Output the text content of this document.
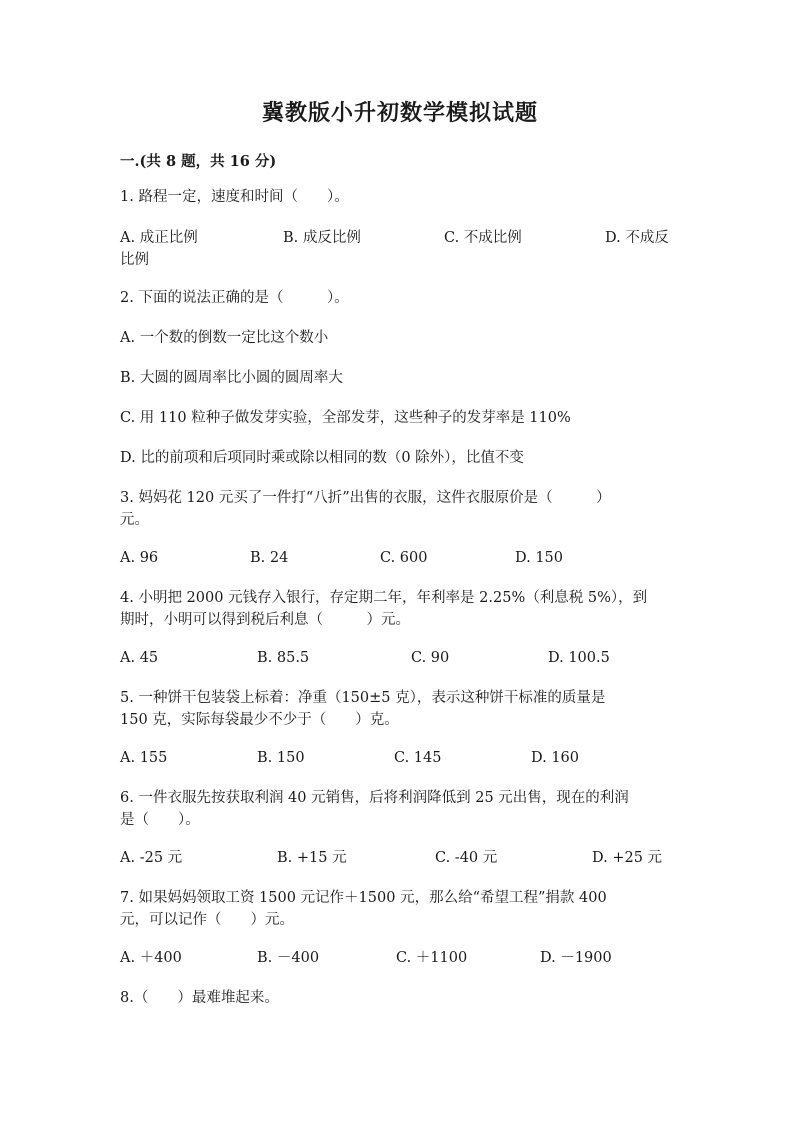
冀教版小升初数学模拟试题
一.(共 8 题，共 16 分)
1. 路程一定，速度和时间（　　）。
A. 成正比例	B. 成反比例	C. 不成比例	D. 不成反
比例
2. 下面的说法正确的是（　　　）。
A. 一个数的倒数一定比这个数小
B. 大圆的圆周率比小圆的圆周率大
C. 用 110 粒种子做发芽实验，全部发芽，这些种子的发芽率是 110%
D. 比的前项和后项同时乘或除以相同的数（0 除外），比值不变
3. 妈妈花 120 元买了一件打“八折”出售的衣服，这件衣服原价是（　　　）
元。
A. 96	B. 24	C. 600	D. 150
4. 小明把 2000 元钱存入银行，存定期二年，年利率是 2.25%（利息税 5%），到
期时，小明可以得到税后利息（　　　）元。
A. 45	B. 85.5	C. 90	D. 100.5
5. 一种饼干包装袋上标着：净重（150±5 克），表示这种饼干标准的质量是
150 克，实际每袋最少不少于（　　）克。
A. 155	B. 150	C. 145	D. 160
6. 一件衣服先按获取利润 40 元销售，后将利润降低到 25 元出售，现在的利润
是（　　）。
A. -25 元	B. +15 元	C. -40 元	D. +25 元
7. 如果妈妈领取工资 1500 元记作＋1500 元，那么给“希望工程”捐款 400
元，可以记作（　　）元。
A. ＋400	B. －400	C. ＋1100	D. －1900
8.（　　）最难堆起来。
